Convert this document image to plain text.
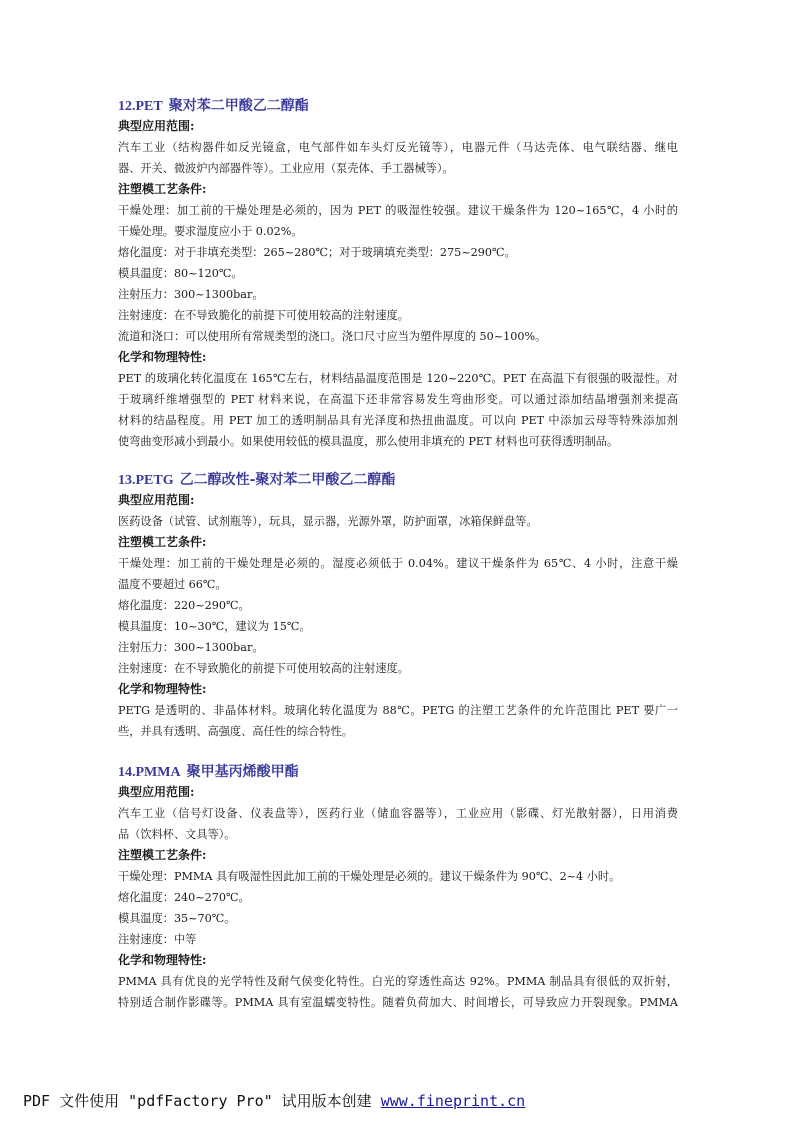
12.PET 聚对苯二甲酸乙二醇酯
典型应用范围:
汽车工业（结构器件如反光镜盒，电气部件如车头灯反光镜等），电器元件（马达壳体、电气联结器、继电
器、开关、微波炉内部器件等）。工业应用（泵壳体、手工器械等）。
注塑模工艺条件:
干燥处理：加工前的干燥处理是必须的，因为 PET 的吸湿性较强。建议干燥条件为 120~165℃，4 小时的
干燥处理。要求湿度应小于 0.02%。
熔化温度：对于非填充类型：265~280℃；对于玻璃填充类型：275~290℃。
模具温度：80~120℃。
注射压力：300~1300bar。
注射速度：在不导致脆化的前提下可使用较高的注射速度。
流道和浇口：可以使用所有常规类型的浇口。浇口尺寸应当为塑件厚度的 50~100%。
化学和物理特性:
PET 的玻璃化转化温度在 165℃左右，材料结晶温度范围是 120~220℃。PET 在高温下有很强的吸湿性。对
于玻璃纤维增强型的 PET 材料来说，在高温下还非常容易发生弯曲形变。可以通过添加结晶增强剂来提高
材料的结晶程度。用 PET 加工的透明制品具有光泽度和热扭曲温度。可以向 PET 中添加云母等特殊添加剂
使弯曲变形减小到最小。如果使用较低的模具温度，那么使用非填充的 PET 材料也可获得透明制品。
13.PETG 乙二醇改性-聚对苯二甲酸乙二醇酯
典型应用范围:
医药设备（试管、试剂瓶等），玩具，显示器，光源外罩，防护面罩，冰箱保鲜盘等。
注塑模工艺条件:
干燥处理：加工前的干燥处理是必须的。湿度必须低于 0.04%。建议干燥条件为 65℃、4 小时，注意干燥
温度不要超过 66℃。
熔化温度：220~290℃。
模具温度：10~30℃，建议为 15℃。
注射压力：300~1300bar。
注射速度：在不导致脆化的前提下可使用较高的注射速度。
化学和物理特性:
PETG 是透明的、非晶体材料。玻璃化转化温度为 88℃。PETG 的注塑工艺条件的允许范围比 PET 要广一
些，并具有透明、高强度、高任性的综合特性。
14.PMMA 聚甲基丙烯酸甲酯
典型应用范围:
汽车工业（信号灯设备、仪表盘等），医药行业（储血容器等），工业应用（影碟、灯光散射器），日用消费
品（饮料杯、文具等）。
注塑模工艺条件:
干燥处理：PMMA 具有吸湿性因此加工前的干燥处理是必须的。建议干燥条件为 90℃、2~4 小时。
熔化温度：240~270℃。
模具温度：35~70℃。
注射速度：中等
化学和物理特性:
PMMA 具有优良的光学特性及耐气侯变化特性。白光的穿透性高达 92%。PMMA 制品具有很低的双折射，
特别适合制作影碟等。PMMA 具有室温蠕变特性。随着负荷加大、时间增长，可导致应力开裂现象。PMMA
PDF 文件使用 "pdfFactory Pro" 试用版本创建 www.fineprint.cn
